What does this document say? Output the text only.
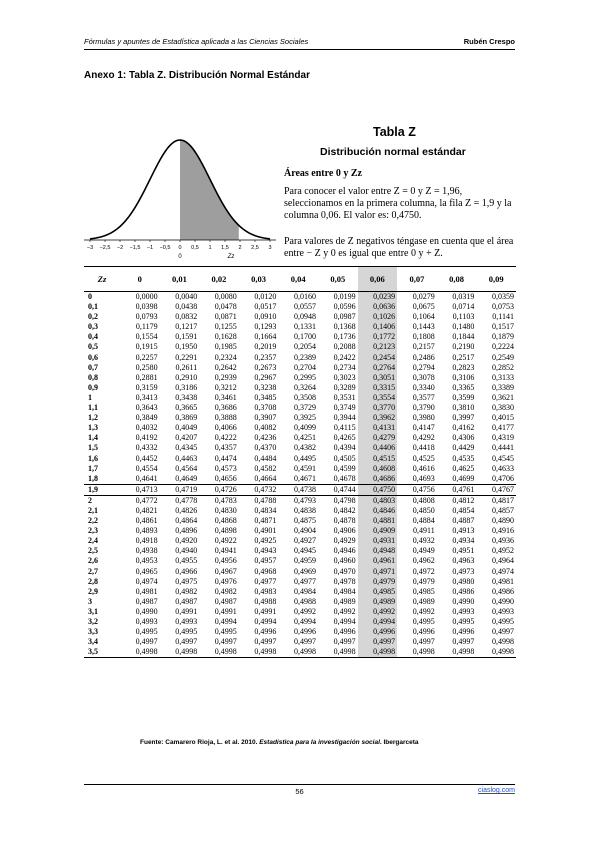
Fórmulas y apuntes de Estadística aplicada a las Ciencias Sociales	Rubén Crespo
Anexo 1: Tabla Z. Distribución Normal Estándar
−3 −2,5 −2 −1,5 −1 −0,5 0 0,5 1 1,5 2 2,5 3
0	Zz
Tabla Z
Distribución normal estándar
Áreas entre 0 y Zz
Para conocer el valor entre Z = 0 y Z = 1,96, seleccionamos en la primera columna, la fila Z = 1,9 y la columna 0,06. El valor es: 0,4750.
Para valores de Z negativos téngase en cuenta que el área entre − Z y 0 es igual que entre 0 y + Z.
Zz	0	0,01	0,02	0,03	0,04	0,05	0,06	0,07	0,08	0,09
0	0,0000	0,0040	0,0080	0,0120	0,0160	0,0199	0,0239	0,0279	0,0319	0,0359
0,1	0,0398	0,0438	0,0478	0,0517	0,0557	0,0596	0,0636	0,0675	0,0714	0,0753
0,2	0,0793	0,0832	0,0871	0,0910	0,0948	0,0987	0,1026	0,1064	0,1103	0,1141
0,3	0,1179	0,1217	0,1255	0,1293	0,1331	0,1368	0,1406	0,1443	0,1480	0,1517
0,4	0,1554	0,1591	0,1628	0,1664	0,1700	0,1736	0,1772	0,1808	0,1844	0,1879
0,5	0,1915	0,1950	0,1985	0,2019	0,2054	0,2088	0,2123	0,2157	0,2190	0,2224
0,6	0,2257	0,2291	0,2324	0,2357	0,2389	0,2422	0,2454	0,2486	0,2517	0,2549
0,7	0,2580	0,2611	0,2642	0,2673	0,2704	0,2734	0,2764	0,2794	0,2823	0,2852
0,8	0,2881	0,2910	0,2939	0,2967	0,2995	0,3023	0,3051	0,3078	0,3106	0,3133
0,9	0,3159	0,3186	0,3212	0,3238	0,3264	0,3289	0,3315	0,3340	0,3365	0,3389
1	0,3413	0,3438	0,3461	0,3485	0,3508	0,3531	0,3554	0,3577	0,3599	0,3621
1,1	0,3643	0,3665	0,3686	0,3708	0,3729	0,3749	0,3770	0,3790	0,3810	0,3830
1,2	0,3849	0,3869	0,3888	0,3907	0,3925	0,3944	0,3962	0,3980	0,3997	0,4015
1,3	0,4032	0,4049	0,4066	0,4082	0,4099	0,4115	0,4131	0,4147	0,4162	0,4177
1,4	0,4192	0,4207	0,4222	0,4236	0,4251	0,4265	0,4279	0,4292	0,4306	0,4319
1,5	0,4332	0,4345	0,4357	0,4370	0,4382	0,4394	0,4406	0,4418	0,4429	0,4441
1,6	0,4452	0,4463	0,4474	0,4484	0,4495	0,4505	0,4515	0,4525	0,4535	0,4545
1,7	0,4554	0,4564	0,4573	0,4582	0,4591	0,4599	0,4608	0,4616	0,4625	0,4633
1,8	0,4641	0,4649	0,4656	0,4664	0,4671	0,4678	0,4686	0,4693	0,4699	0,4706
1,9	0,4713	0,4719	0,4726	0,4732	0,4738	0,4744	0,4750	0,4756	0,4761	0,4767
2	0,4772	0,4778	0,4783	0,4788	0,4793	0,4798	0,4803	0,4808	0,4812	0,4817
2,1	0,4821	0,4826	0,4830	0,4834	0,4838	0,4842	0,4846	0,4850	0,4854	0,4857
2,2	0,4861	0,4864	0,4868	0,4871	0,4875	0,4878	0,4881	0,4884	0,4887	0,4890
2,3	0,4893	0,4896	0,4898	0,4901	0,4904	0,4906	0,4909	0,4911	0,4913	0,4916
2,4	0,4918	0,4920	0,4922	0,4925	0,4927	0,4929	0,4931	0,4932	0,4934	0,4936
2,5	0,4938	0,4940	0,4941	0,4943	0,4945	0,4946	0,4948	0,4949	0,4951	0,4952
2,6	0,4953	0,4955	0,4956	0,4957	0,4959	0,4960	0,4961	0,4962	0,4963	0,4964
2,7	0,4965	0,4966	0,4967	0,4968	0,4969	0,4970	0,4971	0,4972	0,4973	0,4974
2,8	0,4974	0,4975	0,4976	0,4977	0,4977	0,4978	0,4979	0,4979	0,4980	0,4981
2,9	0,4981	0,4982	0,4982	0,4983	0,4984	0,4984	0,4985	0,4985	0,4986	0,4986
3	0,4987	0,4987	0,4987	0,4988	0,4988	0,4989	0,4989	0,4989	0,4990	0,4990
3,1	0,4990	0,4991	0,4991	0,4991	0,4992	0,4992	0,4992	0,4992	0,4993	0,4993
3,2	0,4993	0,4993	0,4994	0,4994	0,4994	0,4994	0,4994	0,4995	0,4995	0,4995
3,3	0,4995	0,4995	0,4995	0,4996	0,4996	0,4996	0,4996	0,4996	0,4996	0,4997
3,4	0,4997	0,4997	0,4997	0,4997	0,4997	0,4997	0,4997	0,4997	0,4997	0,4998
3,5	0,4998	0,4998	0,4998	0,4998	0,4998	0,4998	0,4998	0,4998	0,4998	0,4998
Fuente: Camarero Rioja, L. et al. 2010. Estadística para la investigación social. Ibergarceta
56	ciaslog.com
